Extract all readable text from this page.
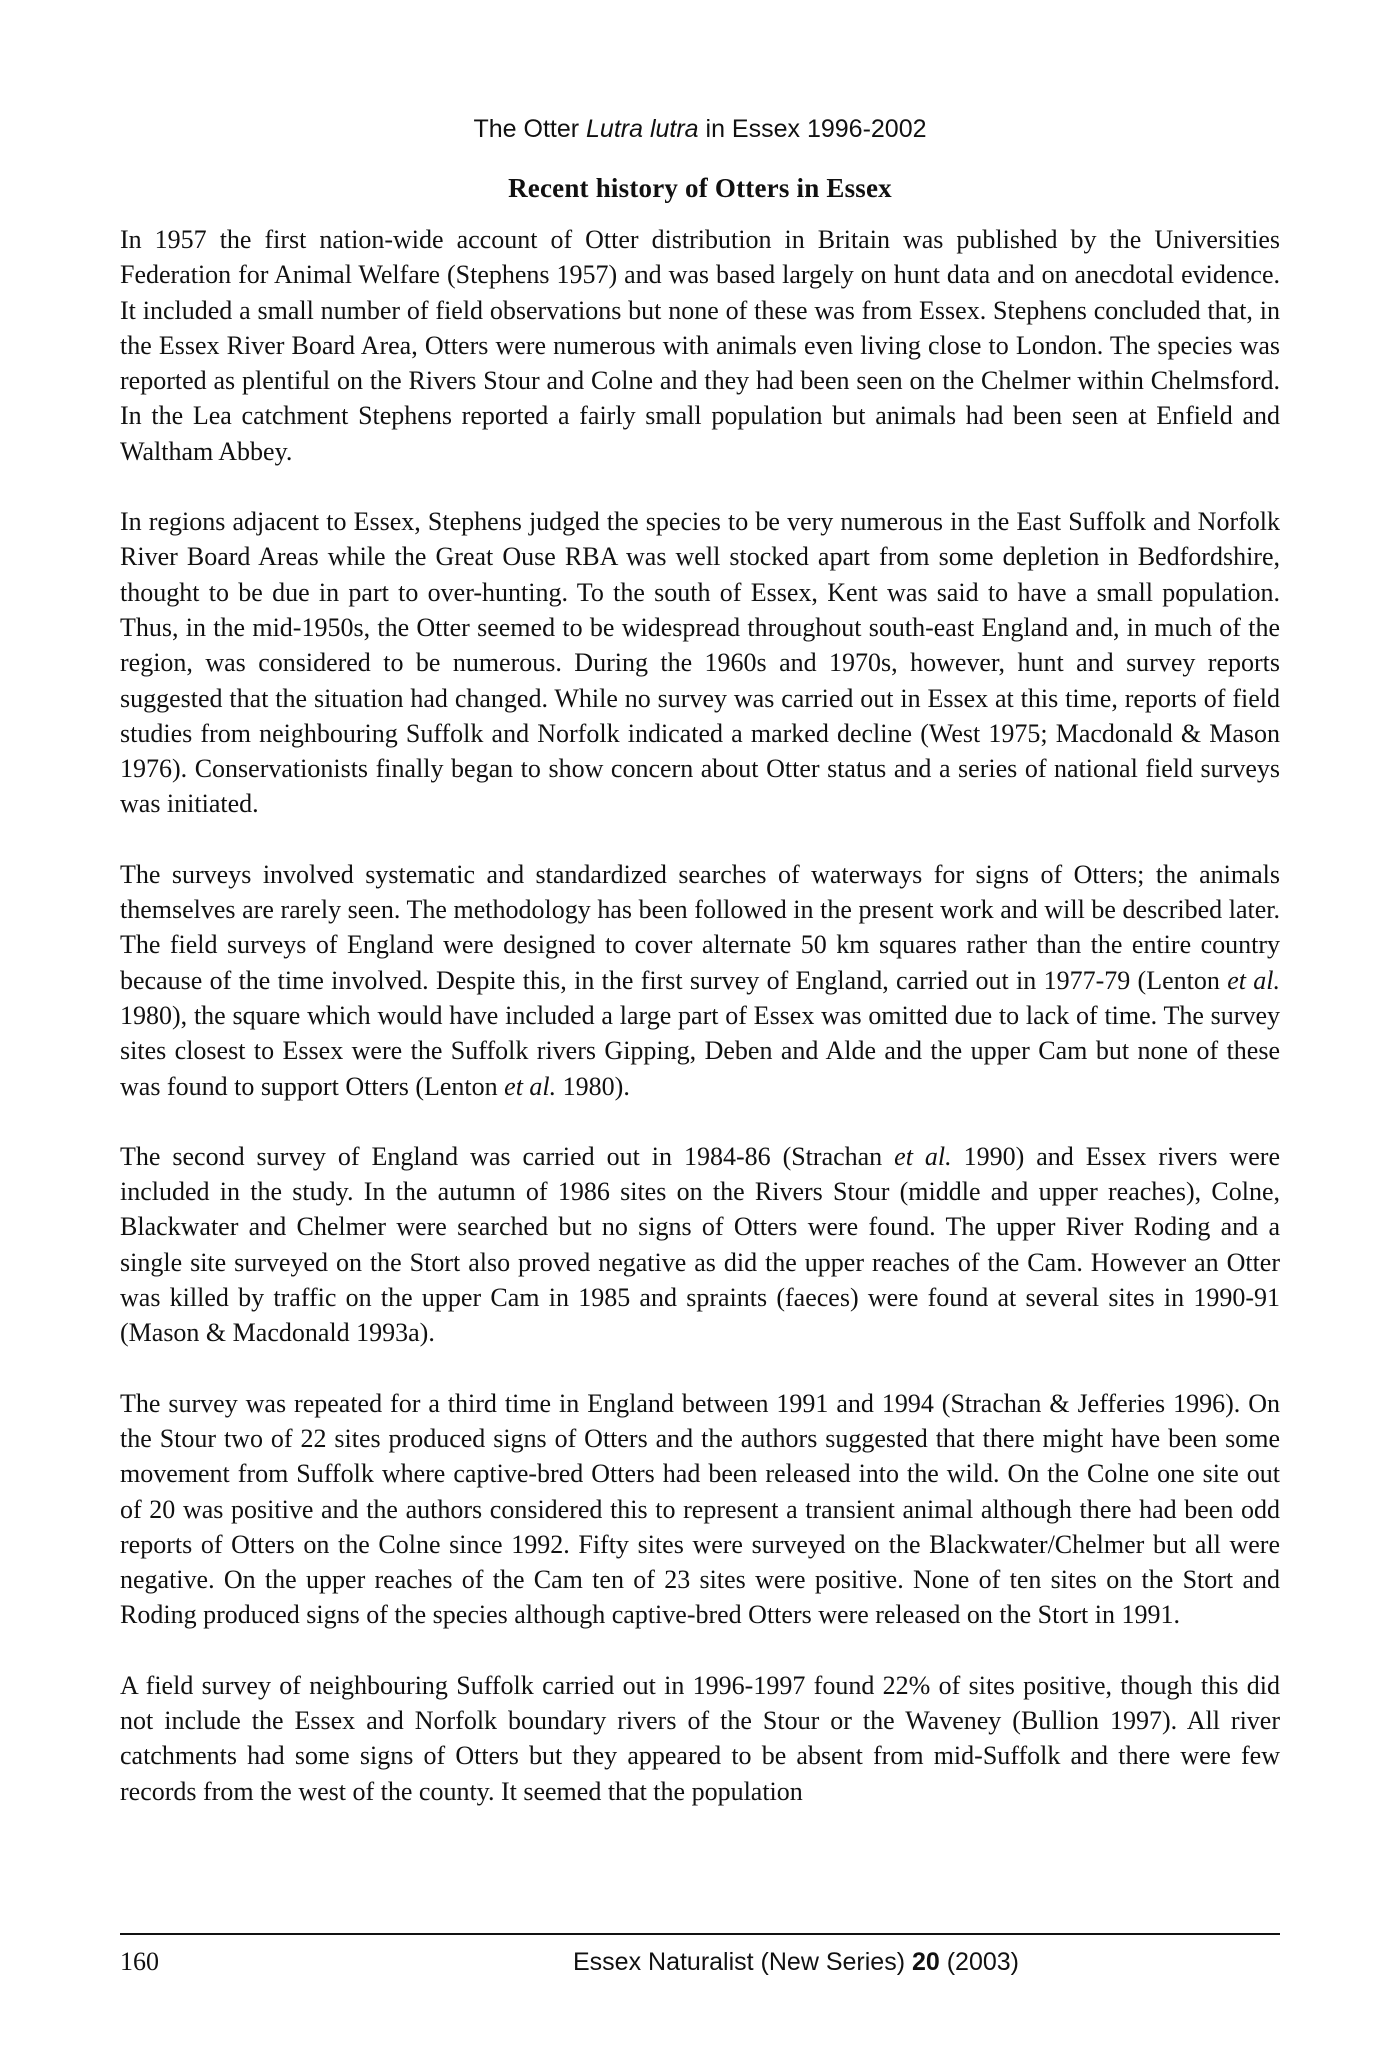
The Otter Lutra lutra in Essex 1996-2002
Recent history of Otters in Essex

In 1957 the first nation-wide account of Otter distribution in Britain was published by the Universities Federation for Animal Welfare (Stephens 1957) and was based largely on hunt data and on anecdotal evidence. It included a small number of field observations but none of these was from Essex. Stephens concluded that, in the Essex River Board Area, Otters were numerous with animals even living close to London. The species was reported as plentiful on the Rivers Stour and Colne and they had been seen on the Chelmer within Chelmsford. In the Lea catchment Stephens reported a fairly small population but animals had been seen at Enfield and Waltham Abbey.

In regions adjacent to Essex, Stephens judged the species to be very numerous in the East Suffolk and Norfolk River Board Areas while the Great Ouse RBA was well stocked apart from some depletion in Bedfordshire, thought to be due in part to over-hunting. To the south of Essex, Kent was said to have a small population. Thus, in the mid-1950s, the Otter seemed to be widespread throughout south-east England and, in much of the region, was considered to be numerous. During the 1960s and 1970s, however, hunt and survey reports suggested that the situation had changed. While no survey was carried out in Essex at this time, reports of field studies from neighbouring Suffolk and Norfolk indicated a marked decline (West 1975; Macdonald & Mason 1976). Conservationists finally began to show concern about Otter status and a series of national field surveys was initiated.

The surveys involved systematic and standardized searches of waterways for signs of Otters; the animals themselves are rarely seen. The methodology has been followed in the present work and will be described later. The field surveys of England were designed to cover alternate 50 km squares rather than the entire country because of the time involved. Despite this, in the first survey of England, carried out in 1977-79 (Lenton et al. 1980), the square which would have included a large part of Essex was omitted due to lack of time. The survey sites closest to Essex were the Suffolk rivers Gipping, Deben and Alde and the upper Cam but none of these was found to support Otters (Lenton et al. 1980).

The second survey of England was carried out in 1984-86 (Strachan et al. 1990) and Essex rivers were included in the study. In the autumn of 1986 sites on the Rivers Stour (middle and upper reaches), Colne, Blackwater and Chelmer were searched but no signs of Otters were found. The upper River Roding and a single site surveyed on the Stort also proved negative as did the upper reaches of the Cam. However an Otter was killed by traffic on the upper Cam in 1985 and spraints (faeces) were found at several sites in 1990-91 (Mason & Macdonald 1993a).

The survey was repeated for a third time in England between 1991 and 1994 (Strachan & Jefferies 1996). On the Stour two of 22 sites produced signs of Otters and the authors suggested that there might have been some movement from Suffolk where captive-bred Otters had been released into the wild. On the Colne one site out of 20 was positive and the authors considered this to represent a transient animal although there had been odd reports of Otters on the Colne since 1992. Fifty sites were surveyed on the Blackwater/Chelmer but all were negative. On the upper reaches of the Cam ten of 23 sites were positive. None of ten sites on the Stort and Roding produced signs of the species although captive-bred Otters were released on the Stort in 1991.

A field survey of neighbouring Suffolk carried out in 1996-1997 found 22% of sites positive, though this did not include the Essex and Norfolk boundary rivers of the Stour or the Waveney (Bullion 1997). All river catchments had some signs of Otters but they appeared to be absent from mid-Suffolk and there were few records from the west of the county. It seemed that the population

160	Essex Naturalist (New Series) 20 (2003)
